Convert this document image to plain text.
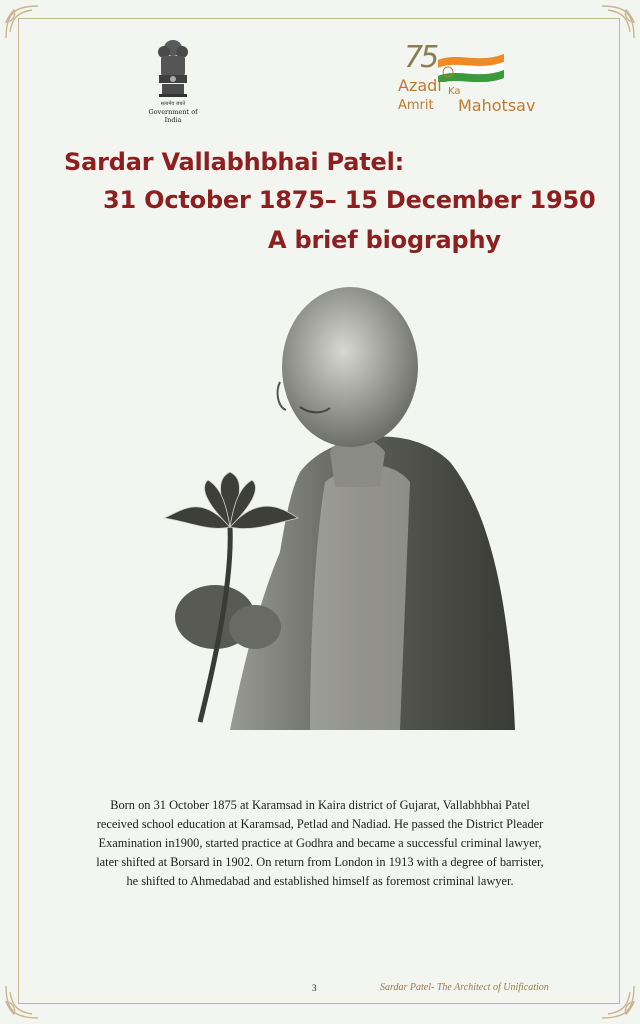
सत्यमेव जयते
Government of India
75
Azadi Ka
Amrit Mahotsav
Sardar Vallabhbhai Patel:
31 October 1875– 15 December 1950
A brief biography
Born on 31 October 1875 at Karamsad in Kaira district of Gujarat, Vallabhbhai Patel
received school education at Karamsad, Petlad and Nadiad. He passed the District Pleader
Examination in1900, started practice at Godhra and became a successful criminal lawyer,
later shifted at Borsard in 1902. On return from London in 1913 with a degree of barrister,
he shifted to Ahmedabad and established himself as foremost criminal lawyer.
3	Sardar Patel- The Architect of Unification
